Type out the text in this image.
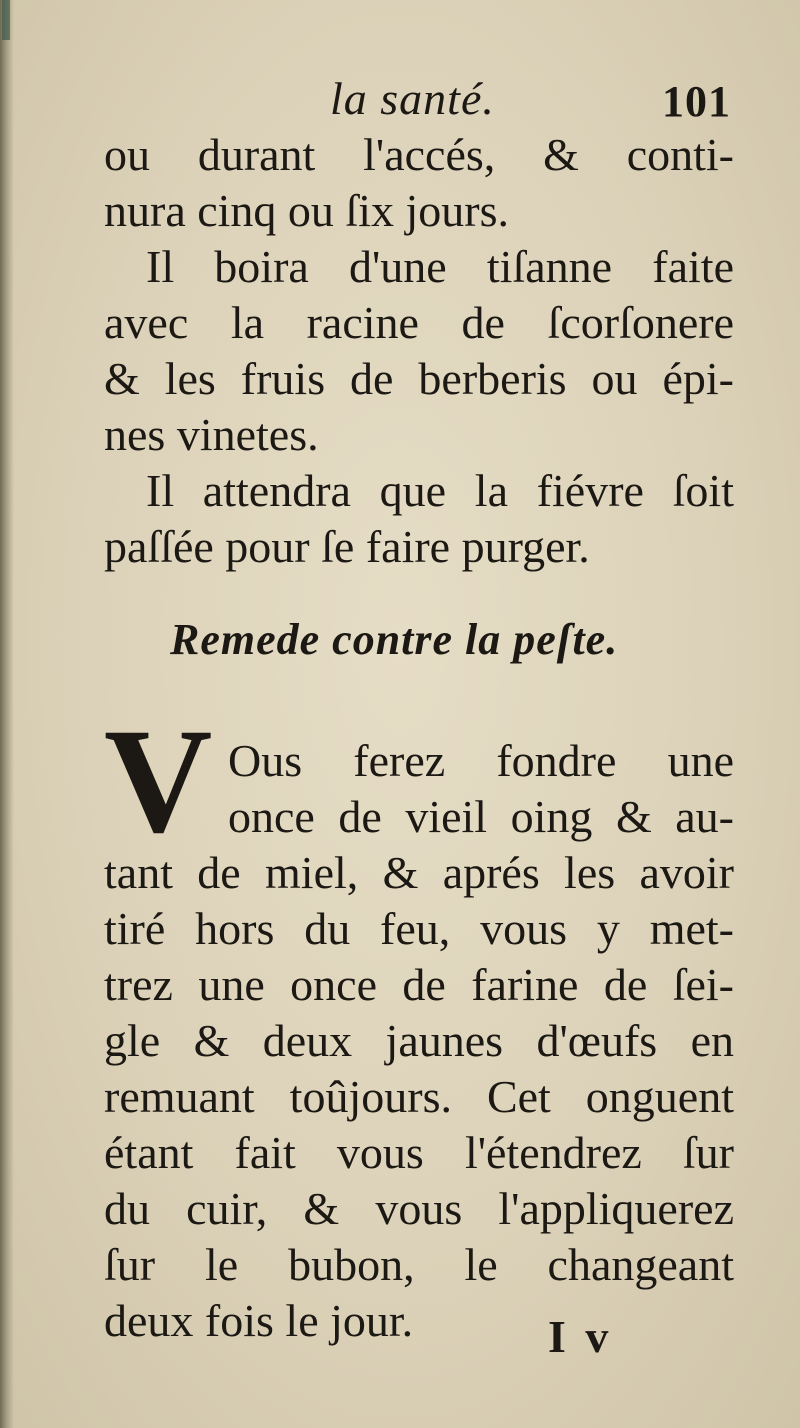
la santé.	101
ou durant l'accés, & conti-
nura cinq ou ſix jours.
Il boira d'une tiſanne faite
avec la racine de ſcorſonere
& les fruis de berberis ou épi-
nes vinetes.
Il attendra que la fiévre ſoit
paſſée pour ſe faire purger.
Remede contre la peſte.
V Ous ferez fondre une
once de vieil oing & au-
tant de miel, & aprés les avoir
tiré hors du feu, vous y met-
trez une once de farine de ſei-
gle & deux jaunes d'œufs en
remuant toûjours. Cet onguent
étant fait vous l'étendrez ſur
du cuir, & vous l'appliquerez
ſur le bubon, le changeant
deux fois le jour.	I v
